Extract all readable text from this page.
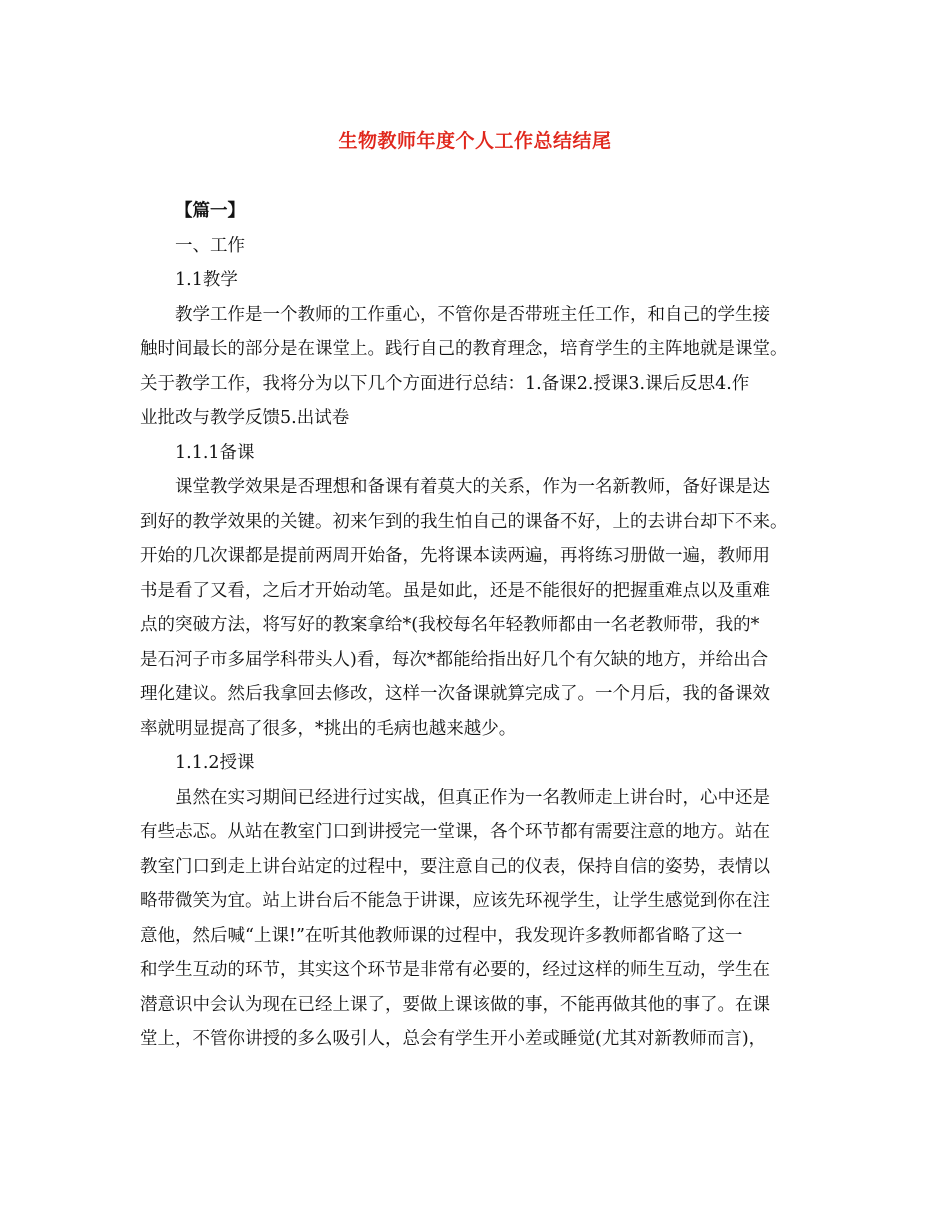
生物教师年度个人工作总结结尾
【篇一】
一、工作
1.1教学
教学工作是一个教师的工作重心，不管你是否带班主任工作，和自己的学生接
触时间最长的部分是在课堂上。践行自己的教育理念，培育学生的主阵地就是课堂。
关于教学工作，我将分为以下几个方面进行总结：1.备课2.授课3.课后反思4.作
业批改与教学反馈5.出试卷
1.1.1备课
课堂教学效果是否理想和备课有着莫大的关系，作为一名新教师，备好课是达
到好的教学效果的关键。初来乍到的我生怕自己的课备不好，上的去讲台却下不来。
开始的几次课都是提前两周开始备，先将课本读两遍，再将练习册做一遍，教师用
书是看了又看，之后才开始动笔。虽是如此，还是不能很好的把握重难点以及重难
点的突破方法，将写好的教案拿给*(我校每名年轻教师都由一名老教师带，我的*
是石河子市多届学科带头人)看，每次*都能给指出好几个有欠缺的地方，并给出合
理化建议。然后我拿回去修改，这样一次备课就算完成了。一个月后，我的备课效
率就明显提高了很多，*挑出的毛病也越来越少。
1.1.2授课
虽然在实习期间已经进行过实战，但真正作为一名教师走上讲台时，心中还是
有些忐忑。从站在教室门口到讲授完一堂课，各个环节都有需要注意的地方。站在
教室门口到走上讲台站定的过程中，要注意自己的仪表，保持自信的姿势，表情以
略带微笑为宜。站上讲台后不能急于讲课，应该先环视学生，让学生感觉到你在注
意他，然后喊“上课!”在听其他教师课的过程中，我发现许多教师都省略了这一
和学生互动的环节，其实这个环节是非常有必要的，经过这样的师生互动，学生在
潜意识中会认为现在已经上课了，要做上课该做的事，不能再做其他的事了。在课
堂上，不管你讲授的多么吸引人，总会有学生开小差或睡觉(尤其对新教师而言)，
